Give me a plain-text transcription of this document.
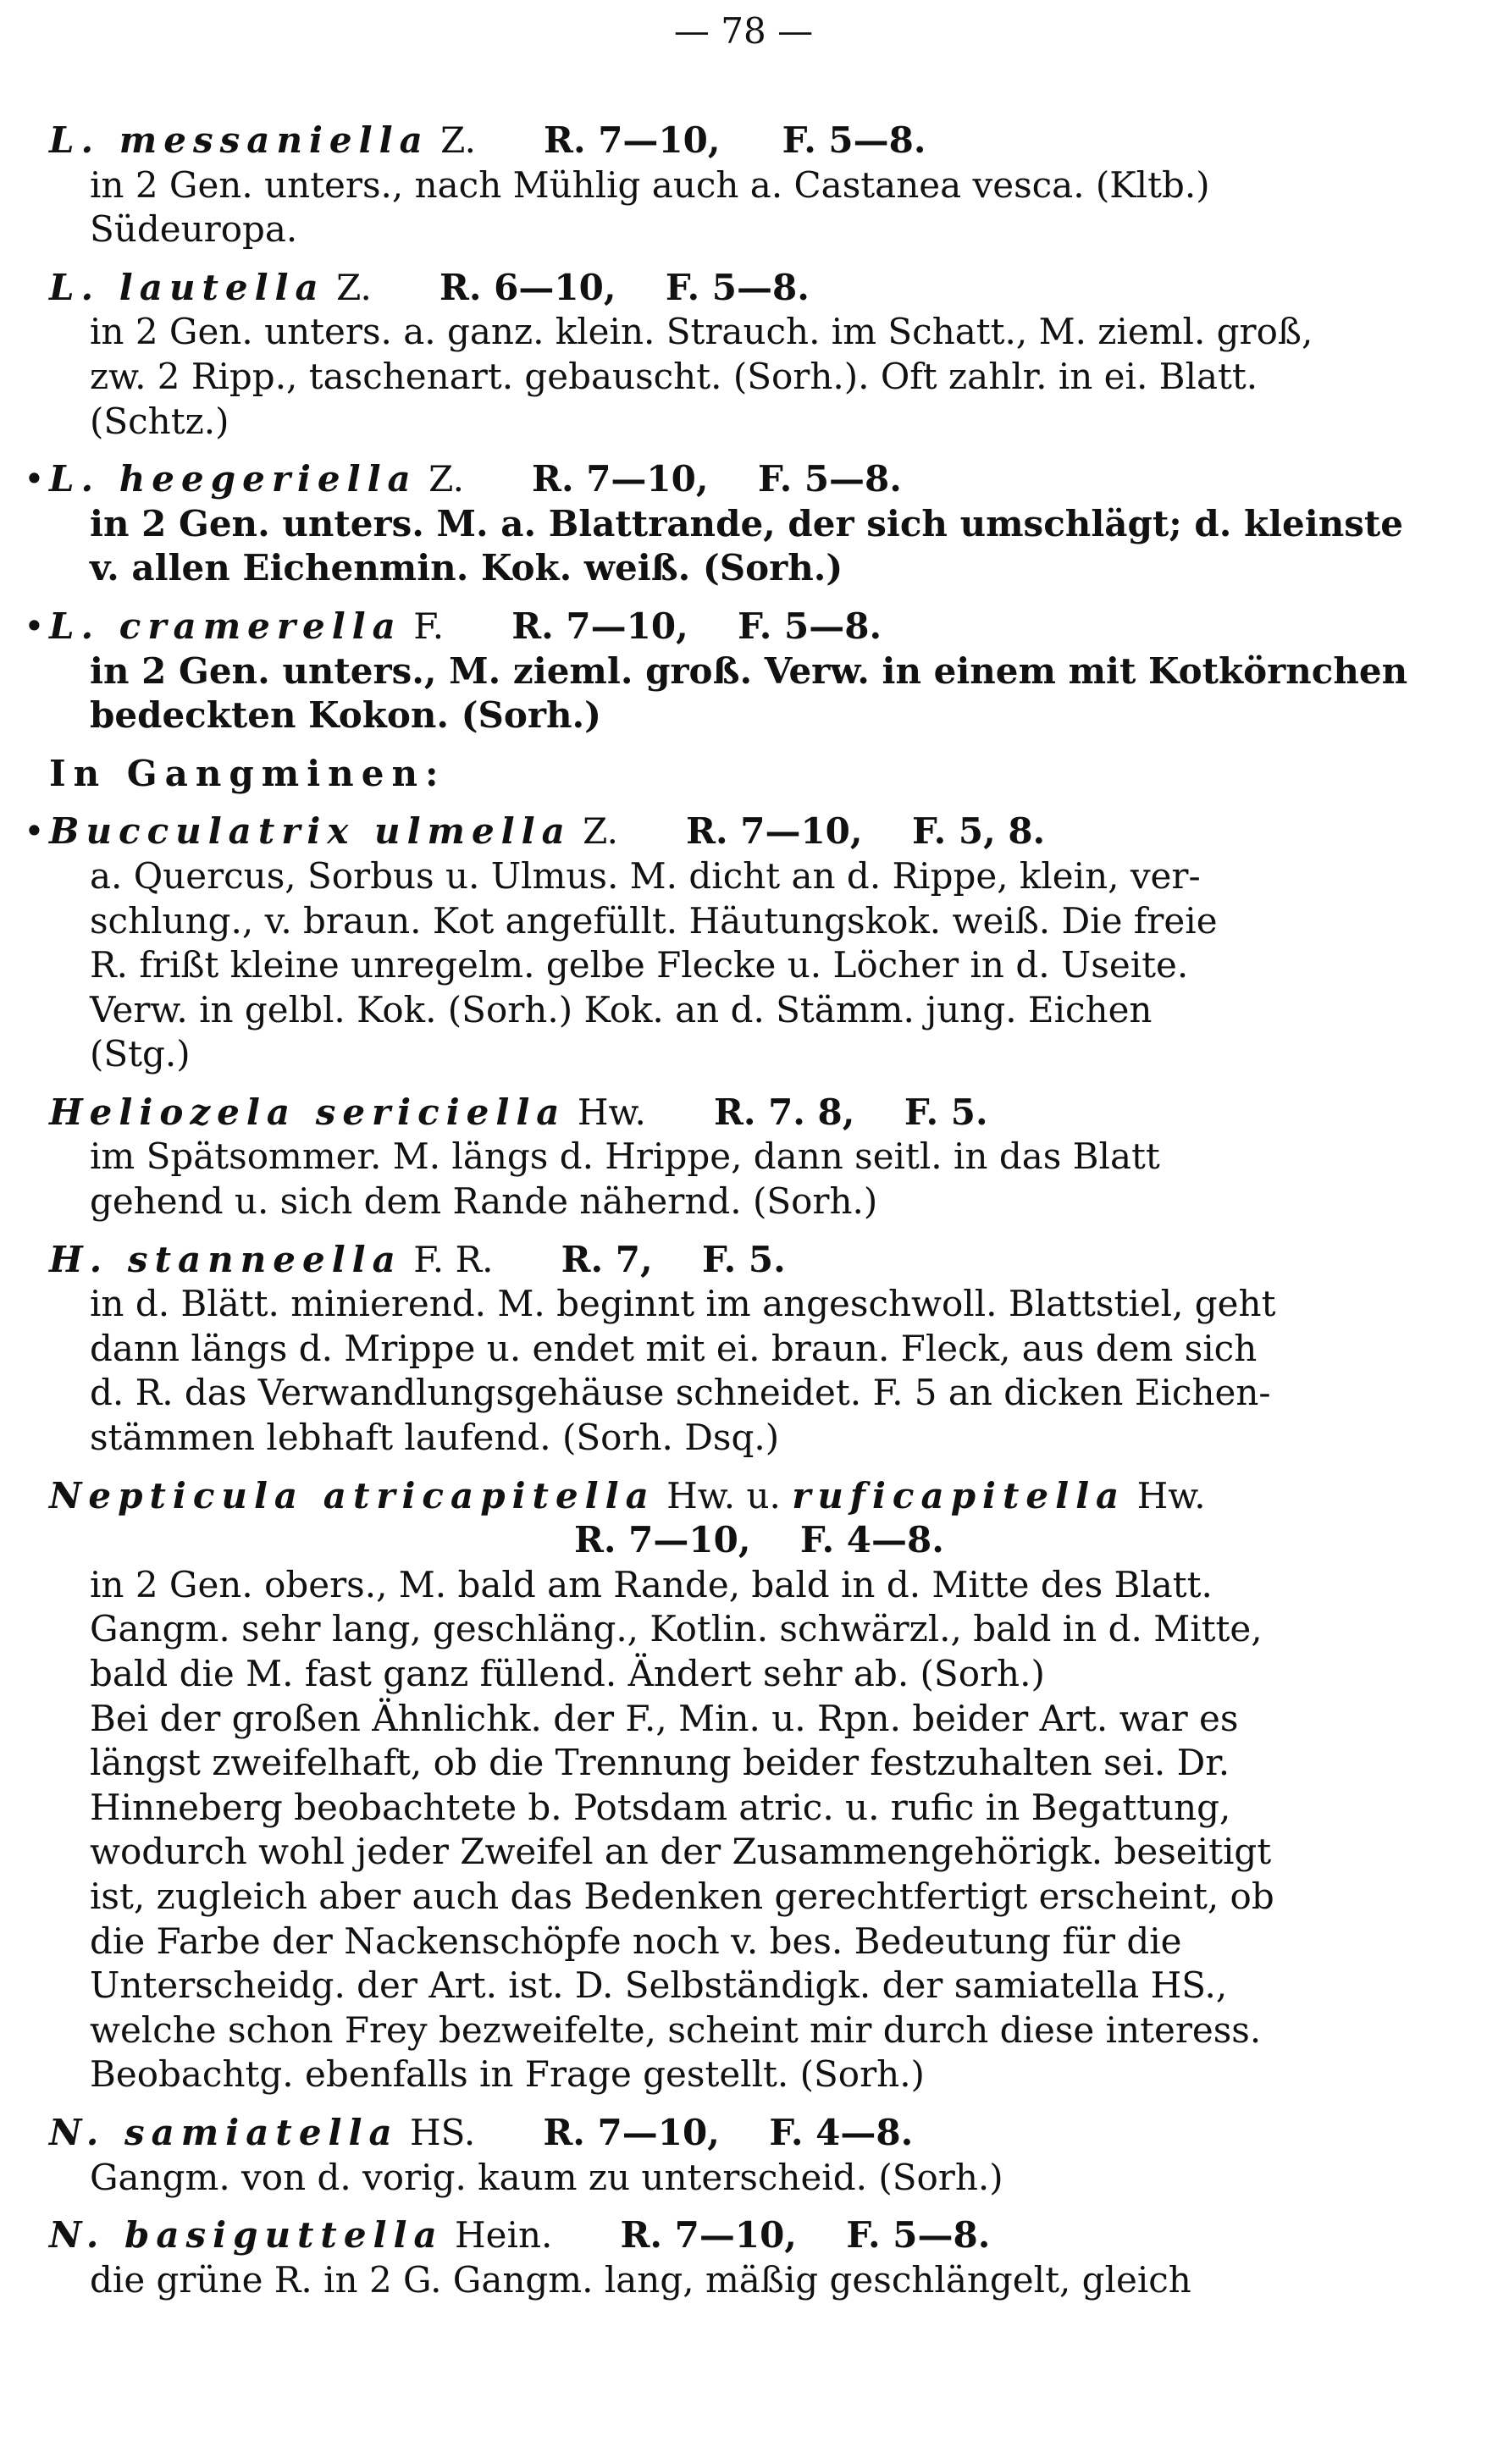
— 78 —
L. messaniella Z. R. 7—10,     F. 5—8.
in 2 Gen. unters., nach Mühlig auch a. Castanea vesca. (Kltb.)
Südeuropa.
L. lautella Z. R. 6—10,    F. 5—8.
in 2 Gen. unters. a. ganz. klein. Strauch. im Schatt., M. zieml. groß,
zw. 2 Ripp., taschenart. gebauscht. (Sorh.). Oft zahlr. in ei. Blatt.
(Schtz.)
• L. heegeriella Z. R. 7—10,    F. 5—8.
in 2 Gen. unters. M. a. Blattrande, der sich umschlägt; d. kleinste
v. allen Eichenmin. Kok. weiß. (Sorh.)
• L. cramerella F. R. 7—10,    F. 5—8.
in 2 Gen. unters., M. zieml. groß. Verw. in einem mit Kotkörnchen
bedeckten Kokon. (Sorh.)
In Gangminen:
• Bucculatrix ulmella Z. R. 7—10,    F. 5, 8.
a. Quercus, Sorbus u. Ulmus. M. dicht an d. Rippe, klein, ver-
schlung., v. braun. Kot angefüllt. Häutungskok. weiß. Die freie
R. frißt kleine unregelm. gelbe Flecke u. Löcher in d. Useite.
Verw. in gelbl. Kok. (Sorh.) Kok. an d. Stämm. jung. Eichen
(Stg.)
Heliozela sericiella Hw. R. 7. 8,    F. 5.
im Spätsommer. M. längs d. Hrippe, dann seitl. in das Blatt
gehend u. sich dem Rande nähernd. (Sorh.)
H. stanneella F. R. R. 7,    F. 5.
in d. Blätt. minierend. M. beginnt im angeschwoll. Blattstiel, geht
dann längs d. Mrippe u. endet mit ei. braun. Fleck, aus dem sich
d. R. das Verwandlungsgehäuse schneidet. F. 5 an dicken Eichen-
stämmen lebhaft laufend. (Sorh. Dsq.)
Nepticula atricapitella Hw. u. ruficapitella Hw.
R. 7—10,    F. 4—8.
in 2 Gen. obers., M. bald am Rande, bald in d. Mitte des Blatt.
Gangm. sehr lang, geschläng., Kotlin. schwärzl., bald in d. Mitte,
bald die M. fast ganz füllend. Ändert sehr ab. (Sorh.)
Bei der großen Ähnlichk. der F., Min. u. Rpn. beider Art. war es
längst zweifelhaft, ob die Trennung beider festzuhalten sei. Dr.
Hinneberg beobachtete b. Potsdam atric. u. rufic in Begattung,
wodurch wohl jeder Zweifel an der Zusammengehörigk. beseitigt
ist, zugleich aber auch das Bedenken gerechtfertigt erscheint, ob
die Farbe der Nackenschöpfe noch v. bes. Bedeutung für die
Unterscheidg. der Art. ist. D. Selbständigk. der samiatella HS.,
welche schon Frey bezweifelte, scheint mir durch diese interess.
Beobachtg. ebenfalls in Frage gestellt. (Sorh.)
N. samiatella HS. R. 7—10,    F. 4—8.
Gangm. von d. vorig. kaum zu unterscheid. (Sorh.)
N. basiguttella Hein. R. 7—10,    F. 5—8.
die grüne R. in 2 G. Gangm. lang, mäßig geschlängelt, gleich
